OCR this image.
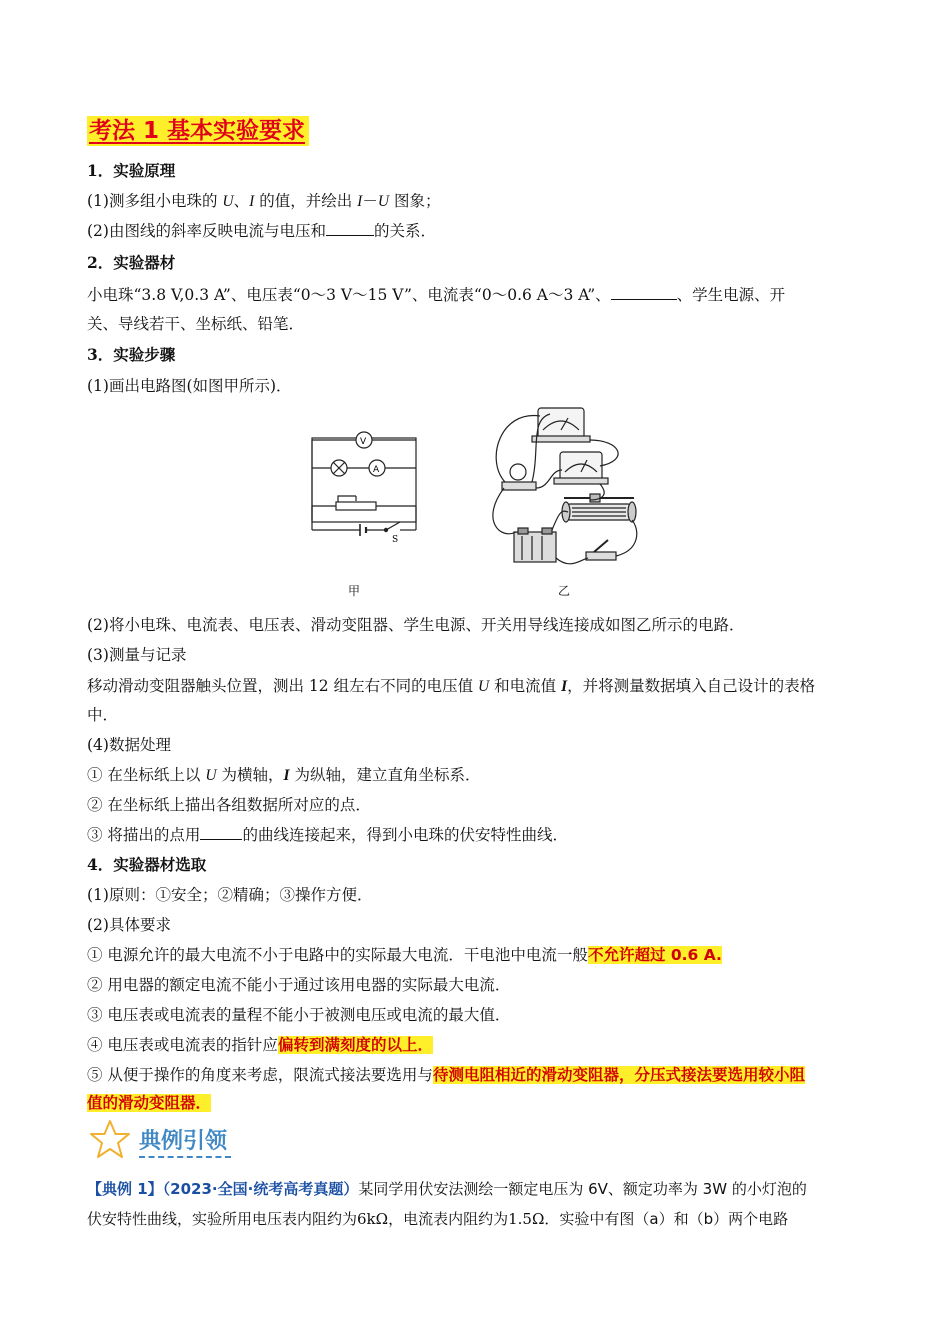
考法 1 基本实验要求
1．实验原理
(1)测多组小电珠的 U、I 的值，并绘出 I－U 图象；
(2)由图线的斜率反映电流与电压和	的关系．
2．实验器材
小电珠“3.8 V,0.3 A”、电压表“0～3 V～15 V”、电流表“0～0.6 A～3 A”、	、学生电源、开
关、导线若干、坐标纸、铅笔．
3．实验步骤
(1)画出电路图(如图甲所示)．
V
A
S
甲	乙
(2)将小电珠、电流表、电压表、滑动变阻器、学生电源、开关用导线连接成如图乙所示的电路．
(3)测量与记录
移动滑动变阻器触头位置，测出 12 组左右不同的电压值 U 和电流值 I，并将测量数据填入自己设计的表格
中．
(4)数据处理
① 在坐标纸上以 U 为横轴，I 为纵轴，建立直角坐标系．
② 在坐标纸上描出各组数据所对应的点．
③ 将描出的点用	的曲线连接起来，得到小电珠的伏安特性曲线．
4．实验器材选取
(1)原则：①安全；②精确；③操作方便．
(2)具体要求
① 电源允许的最大电流不小于电路中的实际最大电流．干电池中电流一般不允许超过 0.6 A.
② 用电器的额定电流不能小于通过该用电器的实际最大电流．
③ 电压表或电流表的量程不能小于被测电压或电流的最大值．
④ 电压表或电流表的指针应偏转到满刻度的以上．
⑤ 从便于操作的角度来考虑，限流式接法要选用与待测电阻相近的滑动变阻器，分压式接法要选用较小阻
值的滑动变阻器．
典例引领
【典例 1】（2023·全国·统考高考真题）某同学用伏安法测绘一额定电压为 6V、额定功率为 3W 的小灯泡的
伏安特性曲线，实验所用电压表内阻约为6kΩ，电流表内阻约为1.5Ω．实验中有图（a）和（b）两个电路
